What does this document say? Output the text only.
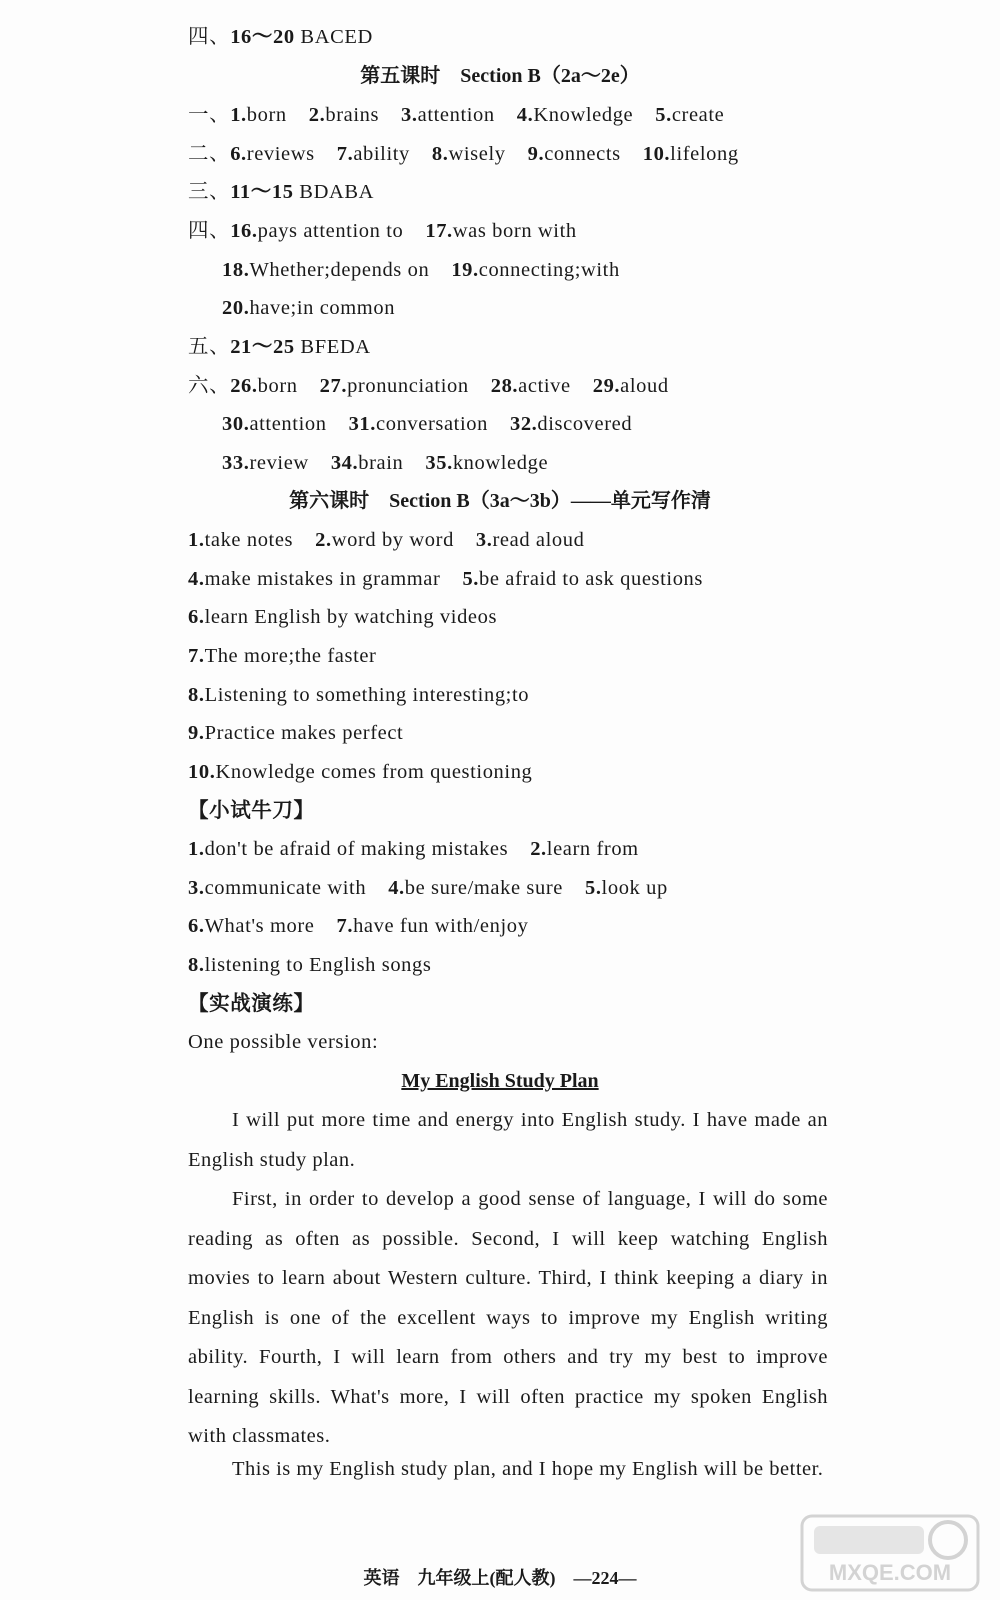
四、16～20 BACED
第五课时　Section B（2a～2e）
一、1.born 2.brains 3.attention 4.Knowledge 5.create
二、6.reviews 7.ability 8.wisely 9.connects 10.lifelong
三、11～15 BDABA
四、16.pays attention to 17.was born with
18.Whether;depends on 19.connecting;with
20.have;in common
五、21～25 BFEDA
六、26.born 27.pronunciation 28.active 29.aloud
30.attention 31.conversation 32.discovered
33.review 34.brain 35.knowledge
第六课时　Section B（3a～3b）——单元写作清
1.take notes 2.word by word 3.read aloud
4.make mistakes in grammar 5.be afraid to ask questions
6.learn English by watching videos
7.The more;the faster
8.Listening to something interesting;to
9.Practice makes perfect
10.Knowledge comes from questioning
【小试牛刀】
1.don't be afraid of making mistakes 2.learn from
3.communicate with 4.be sure/make sure 5.look up
6.What's more 7.have fun with/enjoy
8.listening to English songs
【实战演练】
One possible version:
My English Study Plan
I will put more time and energy into English study. I have made an English study plan.
First, in order to develop a good sense of language, I will do some reading as often as possible. Second, I will keep watching English movies to learn about Western culture. Third, I think keeping a diary in English is one of the excellent ways to improve my English writing ability. Fourth, I will learn from others and try my best to improve learning skills. What's more, I will often practice my spoken English with classmates.
This is my English study plan, and I hope my English will be better.
英语　九年级上(配人教)　—224—	MXQE.COM
